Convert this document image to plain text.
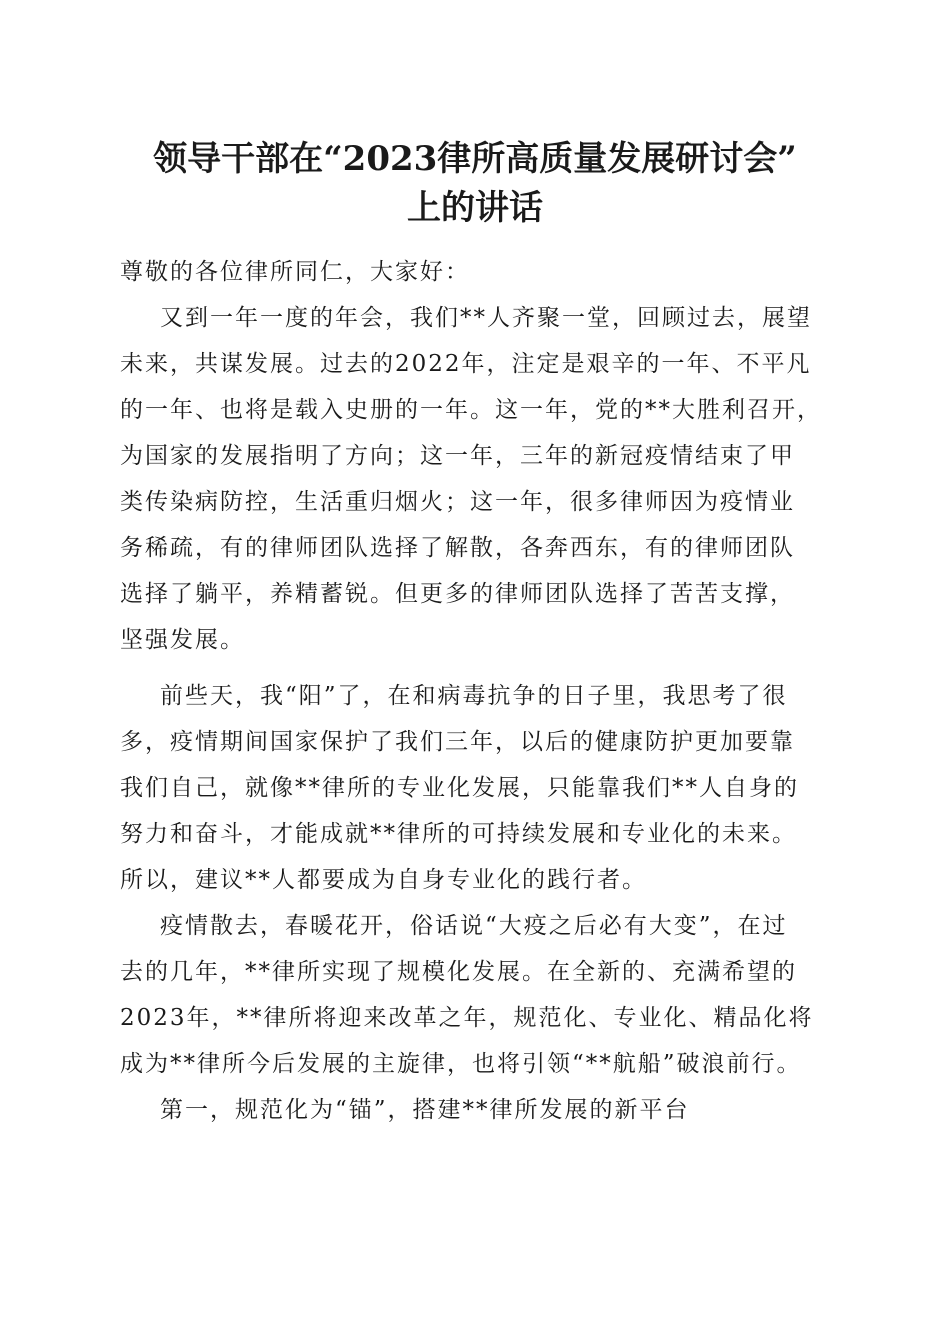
领导干部在“2023律所高质量发展研讨会”
上的讲话
尊敬的各位律所同仁，大家好：
又到一年一度的年会，我们**人齐聚一堂，回顾过去，展望
未来，共谋发展。过去的2022年，注定是艰辛的一年、不平凡
的一年、也将是载入史册的一年。这一年，党的**大胜利召开，
为国家的发展指明了方向；这一年，三年的新冠疫情结束了甲
类传染病防控，生活重归烟火；这一年，很多律师因为疫情业
务稀疏，有的律师团队选择了解散，各奔西东，有的律师团队
选择了躺平，养精蓄锐。但更多的律师团队选择了苦苦支撑，
坚强发展。
前些天，我“阳”了，在和病毒抗争的日子里，我思考了很
多，疫情期间国家保护了我们三年，以后的健康防护更加要靠
我们自己，就像**律所的专业化发展，只能靠我们**人自身的
努力和奋斗，才能成就**律所的可持续发展和专业化的未来。
所以，建议**人都要成为自身专业化的践行者。
疫情散去，春暖花开，俗话说“大疫之后必有大变”，在过
去的几年，**律所实现了规模化发展。在全新的、充满希望的
2023年，**律所将迎来改革之年，规范化、专业化、精品化将
成为**律所今后发展的主旋律，也将引领“**航船”破浪前行。
第一，规范化为“锚”，搭建**律所发展的新平台
